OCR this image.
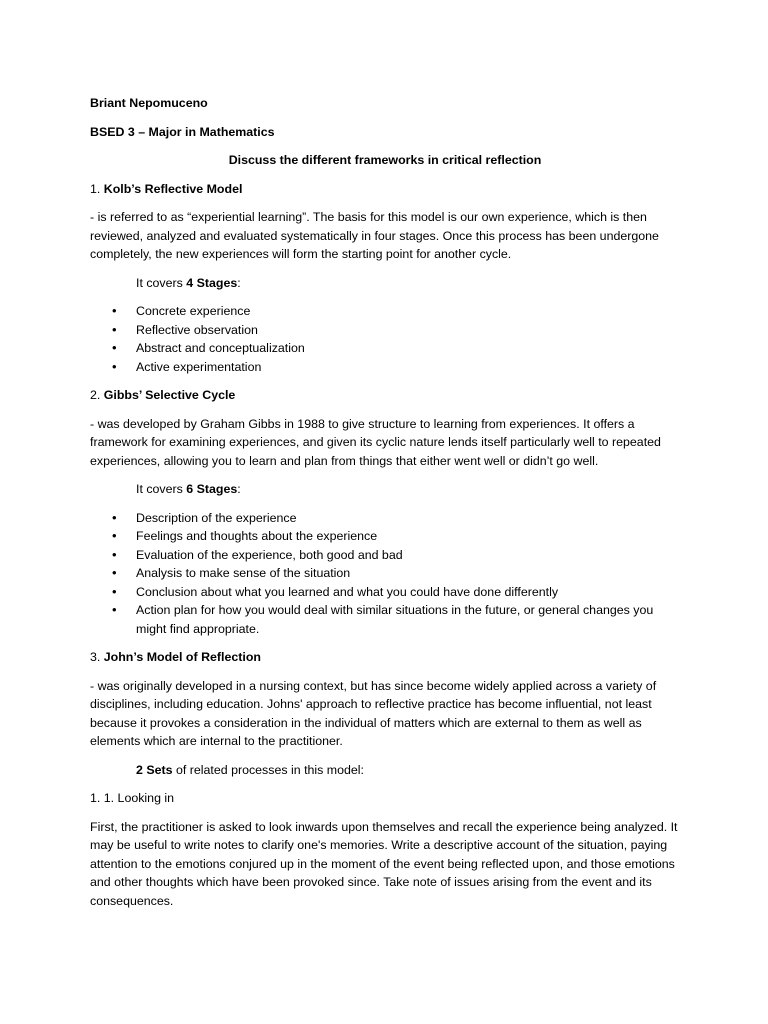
Briant Nepomuceno

BSED 3 – Major in Mathematics

Discuss the different frameworks in critical reflection

1. Kolb’s Reflective Model

- is referred to as “experiential learning”. The basis for this model is our own experience, which is then reviewed, analyzed and evaluated systematically in four stages. Once this process has been undergone completely, the new experiences will form the starting point for another cycle.

It covers 4 Stages:

• Concrete experience
• Reflective observation
• Abstract and conceptualization
• Active experimentation

2. Gibbs’ Selective Cycle

- was developed by Graham Gibbs in 1988 to give structure to learning from experiences. It offers a framework for examining experiences, and given its cyclic nature lends itself particularly well to repeated experiences, allowing you to learn and plan from things that either went well or didn’t go well.

It covers 6 Stages:

• Description of the experience
• Feelings and thoughts about the experience
• Evaluation of the experience, both good and bad
• Analysis to make sense of the situation
• Conclusion about what you learned and what you could have done differently
• Action plan for how you would deal with similar situations in the future, or general changes you might find appropriate.

3. John’s Model of Reflection

- was originally developed in a nursing context, but has since become widely applied across a variety of disciplines, including education. Johns' approach to reflective practice has become influential, not least because it provokes a consideration in the individual of matters which are external to them as well as elements which are internal to the practitioner.

2 Sets of related processes in this model:

1. 1. Looking in

First, the practitioner is asked to look inwards upon themselves and recall the experience being analyzed. It may be useful to write notes to clarify one's memories. Write a descriptive account of the situation, paying attention to the emotions conjured up in the moment of the event being reflected upon, and those emotions and other thoughts which have been provoked since. Take note of issues arising from the event and its consequences.
